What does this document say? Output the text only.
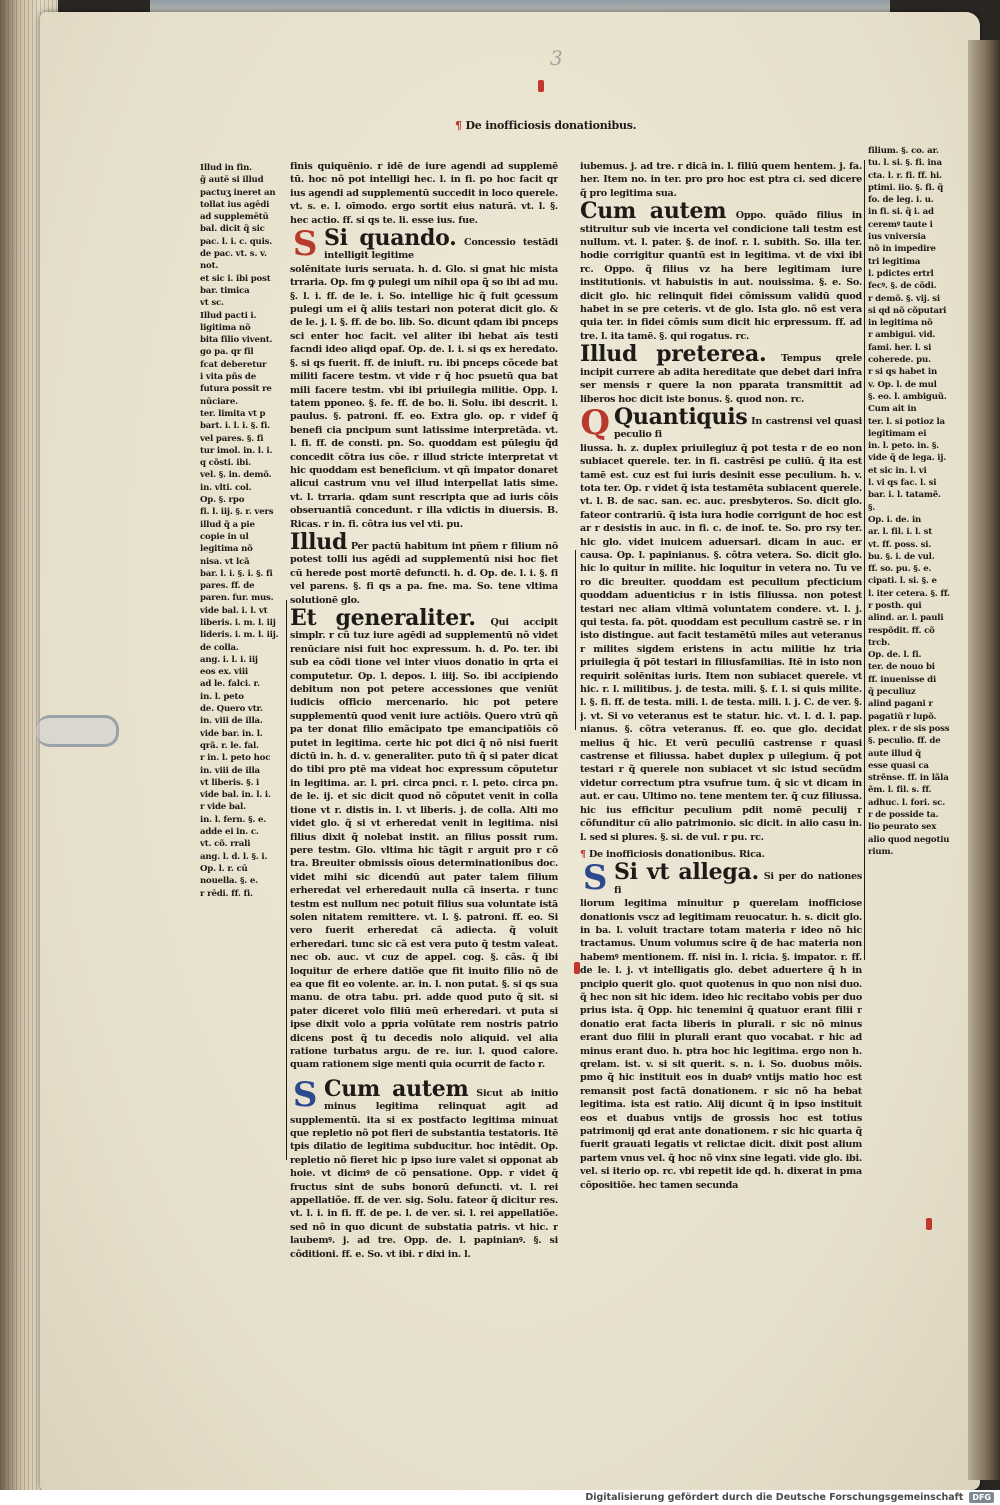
3
¶ De inofficiosis donationibus.
Illud in fin.
g̃ autē si illud
pactuʒ ineret an
tollat ius agēdi
ad supplemētū
bal. dicit q̃ sic
pac. l. i. c. quis.
de pac. vt. s. v. not.
et sic i. ibi post
bar. timica
vt sc.
Illud pacti i.
ligitima nõ
bita filio vivent.
go pa. qr fil
fcat deberetur
i vita pñs de
futura possit re
nūciare.
ter. limita vt p
bart. i. l. i. §. fi.
vel pares. §. fi
tur imol. in. l. i.
q cõsti. ibi.
vel. §. in. demõ.
in. vlti. col.
Op. §. rpo
fi. l. iij. §. r. vers
illud q̃ a pie
copie in ul
legitima nõ
nisa. vt lcã
bar. l. i. §. i. §. fi
pares. ff. de
paren. fur. mus.
vide bal. i. l. vt
liberis. i. m. l. iij
lideris. i. m. l. iij.
de colla.
ang. i. l. i. iij
eos ex. viii
ad le. falci. r.
in. l. peto
de. Quero vtr.
in. viii de illa.
vide bar. in. l.
qrã. r. le. fal.
r in. l. peto hoc
in. viii de illa
vt liberis. §. i
vide bal. in. l. i.
r vide bal.
in. l. fern. §. e.
adde ei in. c.
vt. cõ. rrali
ang. l. d. l. §. i.
Op. l. r. cū
nouella. §. e.
r rēdi. ff. fi.

finis quiquēnio. r idē de iure agendi ad supplemē tū. hoc nõ pot intelligi hec. l. in fi. po hoc facit qr ius agendi ad supplementū succedit in loco querele. vt. s. e. l. oīmodo. ergo sortit eius naturā. vt. l. §. hec actio. ff. si qs te. li. esse ius. fue.

S Si quando. Concessio testādi intelligit legitime

solēnitate iuris seruata. h. d. Glo. si gnat hic mista trraria. Op. fm ꝙ pulegi um nihil opa q̃ so ibi ad mu. §. l. i. ff. de le. i. So. intellige hic q̃ fuit ꝯcessum pulegi um ei q̃ aliis testari non poterat dicit glo. & de le. j. l. §. ff. de bo. lib. So. dicunt qdam ibi pnceps sci enter hoc facit. vel aliter ibi hebat aīs testi facndi ideo aliqd opaf. Op. de. l. i. si qs ex heredato. §. si qs fuerit. ff. de iniuft. ru. ibi pnceps cõcede bat militi facere testm. vt vide r q̃ hoc psuetū qua bat mili facere testm. vbi ibi priuilegia militie. Opp. l. tatem pponeo. §. fe. ff. de bo. li. Solu. ibi descrit. l. paulus. §. patroni. ff. eo. Extra glo. op. r videf q̃ benefi cia pncipum sunt latissime interpretāda. vt. l. fi. ff. de consti. pn. So. quoddam est pūlegiu q̃d concedit cõtra ius cõe. r illud stricte interpretat vt hic quoddam est beneficium. vt qñ impator donaret alicui castrum vnu vel illud interpellat latis sime. vt. l. trraria. qdam sunt rescripta que ad iuris cõis obseruantiã concedunt. r illa vdictis in diuersis. B. Ricas. r in. fi. cõtra ius vel vti. pu.

Illud Per pactū habitum int pñem r filium nõ potest tolli ius agēdi ad supplementū nisi hoc fiet cū herede post mortē defuncti. h. d. Op. de. l. i. §. fi vel parens. §. fi qs a pa. fne. ma. So. tene vltima solutionē glo.
Et generaliter. Qui accipit simplr. r cũ tuz iure agēdi ad supplementū nõ videt renūciare nisi fuit hoc expressum. h. d. Po. ter. ibi sub ea cõdi tione vel inter viuos donatio in qrta ei computetur. Op. l. depos. l. iiij. So. ibi accipiendo debitum non pot petere accessiones que veniūt iudicis officio mercenario. hic pot petere supplementū quod venit iure actiõis. Quero vtrū qñ pa ter donat filio emãcipato tpe emancipatiõis cõ putet in legitima. certe hic pot dici q̃ nõ nisi fuerit dictū in. h. d. v. generaliter. puto tñ q̃ si pater dicat do tibi pro ptē ma videat hoc expressum cõputetur in legitima. ar. l. pri. circa pnci. r. l. peto. circa pn. de le. ij. et sic dicit quod nõ cõputet venit in colla tione vt r. distis in. l. vt liberis. j. de colla. Alti mo videt glo. q̃ si vt erheredat venit in legitima. nisi filius dixit q̃ nolebat instit. an filius possit rum. pere testm. Glo. vltima hic tāgit r arguit pro r cõ tra. Breuiter obmissis oīous determinationibus doc. videt mihi sic dicendū aut pater talem filium erheredat vel erheredauit nulla cã inserta. r tunc testm est nullum nec potuit filius sua voluntate istā solen nitatem remittere. vt. l. §. patroni. ff. eo. Si vero fuerit erheredat cã adiecta. q̃ voluit erheredari. tunc sic cã est vera puto q̃ testm valeat. nec ob. auc. vt cuz de appel. cog. §. cãs. q̃ ibi loquitur de erhere datiõe que fit inuito filio nõ de ea que fit eo volente. ar. in. l. non putat. §. si qs sua manu. de otra tabu. pri. adde quod puto q̃ sit. si pater diceret volo filiū meū erheredari. vt puta si ipse dixit volo a ppria volūtate rem nostris patrio dicens post q̃ tu decedis nolo aliquid. vel alia ratione turbatus argu. de re. iur. l. quod calore. quam rationem sige menti quia ocurrit de facto r.
S Cum autem Sicut ab initio minus legitima relinquat agit ad supplementū. ita si ex postfacto legitima minuat que repletio nõ pot fieri de substantia testatoris. Itē tpis dilatio de legitima subducitur. hoc intēdit. Op. repletio nõ fieret hic p ipso iure valet si opponat ab hoie. vt dicimꝰ de cõ pensatione. Opp. r videt q̃ fructus sint de subs bonorū defuncti. vt. l. rei appellatiõe. ff. de ver. sig. Solu. fateor q̃ dicitur res. vt. l. i. in fi. ff. de pe. l. de ver. si. l. rei appellatiõe. sed nõ in quo dicunt de substatia patris. vt hic. r laubemꝰ. j. ad tre. Opp. de. l. papinianꝰ. §. si cõditioni. ff. e. So. vt ibi. r dixi in. l.

iubemus. j. ad tre. r dicā in. l. filiū quem hentem. j. fa. her. Item no. in ter. pro pro hoc est ptra ci. sed dicere q̃ pro legitima sua.

Cum autem Oppo. quãdo filius in stitruitur sub vie incerta vel condicione tali testm est nullum. vt. l. pater. §. de inof. r. l. subith. So. illa ter. hodie corrigitur quantū est in legitima. vt de vixi ibi rc. Oppo. q̃ filius vz ha bere legitimam iure institutionis. vt habuistis in aut. nouissima. §. e. So. dicit glo. hic relinquit fidei cõmissum validū quod habet in se pre ceteris. vt de glo. Ista glo. nõ est vera quia ter. in fidei cõmis sum dicit hic erpressum. ff. ad tre. l. ita tamē. §. qui rogatus. rc.
Illud preterea. Tempus qrele incipit currere ab adita hereditate que debet dari infra ser mensis r quere la non pparata transmittit ad liberos hoc dicit iste bonus. §. quod non. rc.
Q Quantiquis In castrensi vel quasi peculio fi

liussa. h. z. duplex priuilegiuz q̃ pot testa r de eo non subiacet querele. ter. in fi. castrēsi pe culiū. q̃ ita est tamē est. cuz est fui iuris desinit esse peculium. h. v. tota ter. Op. r videt q̃ ista testamēta subiacent querele. vt. l. B. de sac. san. ec. auc. presbyteros. So. dicit glo. fateor contrariū. q̃ ista iura hodie corrigunt de hoc est ar r desistis in auc. in fi. c. de inof. te. So. pro rsy ter. hic glo. videt inuicem aduersari. dicam in auc. er causa. Op. l. papinianus. §. cõtra vetera. So. dicit glo. hic lo quitur in milite. hic loquitur in vetera no. Tu ve ro dic breuiter. quoddam est peculium pfecticium quoddam aduenticius r in istis filiussa. non potest testari nec aliam vltimā voluntatem condere. vt. l. j. qui testa. fa. pōt. quoddam est peculium castrē se. r in isto distingue. aut facit testamētū miles aut veteranus r milites sigdem eristens in actu militie hz tria priuilegia q̃ pōt testari in filiusfamilias. Itē in isto non requirit solēnitas iuris. Item non subiacet querele. vt hic. r. l. militibus. j. de testa. mili. §. f. l. si quis milite. l. §. fi. ff. de testa. mili. l. de testa. mili. l. j. C. de ver. §. j. vt. Si vo veteranus est te statur. hic. vt. l. d. l. pap. nianus. §. cõtra veteranus. ff. eo. que glo. decidat melius q̃ hic. Et verū peculiū castrense r quasi castrense et filiussa. habet duplex p uilegium. q̃ pot testari r q̃ querele non subiacet vt sic istud secūdm videtur correctum ptra vsufrue tum. q̃ sic vt dicam in aut. er cau. Ultimo no. tene mentem ter. q̃ cuz filiussa. hic ius efficitur peculium pdit nomē peculij r cõfunditur cū alio patrimonio. sic dicit. in alio casu in. l. sed si plures. §. si. de vul. r pu. rc.

¶ De inofficiosis donationibus. Rica.
S Si vt allega. Si per do nationes fi

liorum legitima minuitur p querelam inofficiose donationis vscz ad legitimam reuocatur. h. s. dicit glo. in ba. l. voluit tractare totam materia r ideo nõ hic tractamus. Unum volumus scire q̃ de hac materia non habemꝰ mentionem. ff. nisi in. l. ricia. §. impator. r. ff. de le. l. j. vt intelligatis glo. debet aduertere q̃ h in pncipio querit glo. quot quotenus in quo non nisi duo. q̃ hec non sit hic idem. ideo hic recitabo vobis per duo prius ista. q̃ Opp. hic tenemini q̃ quatuor erant filii r donatio erat facta liberis in plurali. r sic nõ minus erant duo filii in plurali erant quo vocabat. r hic ad minus erant duo. h. ptra hoc hic legitima. ergo non h. qrelam. ist. v. si sit querit. s. n. i. So. duobus mõis. pmo q̃ hic instituit eos in duabꝰ vntijs matio hoc est remansit post factã donationem. r sic nõ ha bebat legitima. ista est ratio. Alij dicunt q̃ in ipso instituit eos et duabus vntijs de grossis hoc est totius patrimonij qd erat ante donationem. r sic hic quarta q̃ fuerit grauati legatis vt relictae dicit. dixit post alium partem vnus vel. q̃ hoc nõ vinx sine legati. vide glo. ibi. vel. si iterio op. rc. vbi repetit ide qd. h. dixerat in pma cõpositiõe. hec tamen secunda

filium. §. co. ar.
tu. l. si. §. fi. ina
cta. l. r. fi. ff. hi.
ptimi. iio. §. fi. q̃
fo. de leg. i. u.
in fi. si. q̃ i. ad
ceremꝰ taute i
ius vniversia
nõ in impedire
tri legitima
l. pdictes ertrl
fecꝰ. §. de cõdi.
r demõ. §. vij. si
si qd nõ cõputari
in legitima nõ
r ambigui. vid.
fami. her. l. si
coherede. pu.
r si qs habet in
v. Op. l. de mul
§. eo. l. ambiguũ.
Cum ait in
ter. l. si potioz la
legitimam ei
in. l. peto. in. §.
vide q̃ de lega. ij.
et sic in. l. vi
l. vi qs fac. l. si
bar. i. l. tatamẽ. §.
Op. i. de. in
ar. l. fil. i. l. st
vt. ff. poss. si.
bu. §. i. de vul.
ff. so. pu. §. e.
cipati. l. si. §. e
l. iter cetera. §. ff.
r posth. qui
alind. ar. l. pauli
respõdit. ff. cõ
trcb.
Op. de. l. fi.
ter. de nouo bi
ff. inuenisse di
q̃ peculiuz
alind pagani r
pagatiũ r lupõ.
plex. r de sis poss
§. peculio. ff. de
aute illud q̃
esse quasi ca
strẽnse. ff. in lãla
ẽm. l. fil. s. ff.
adhuc. l. fori. sc.
r de posside ta.
lio peurato sex
alio quod negotiu
rium.
Digitalisierung gefördert durch die Deutsche Forschungsgemeinschaft	DFG
